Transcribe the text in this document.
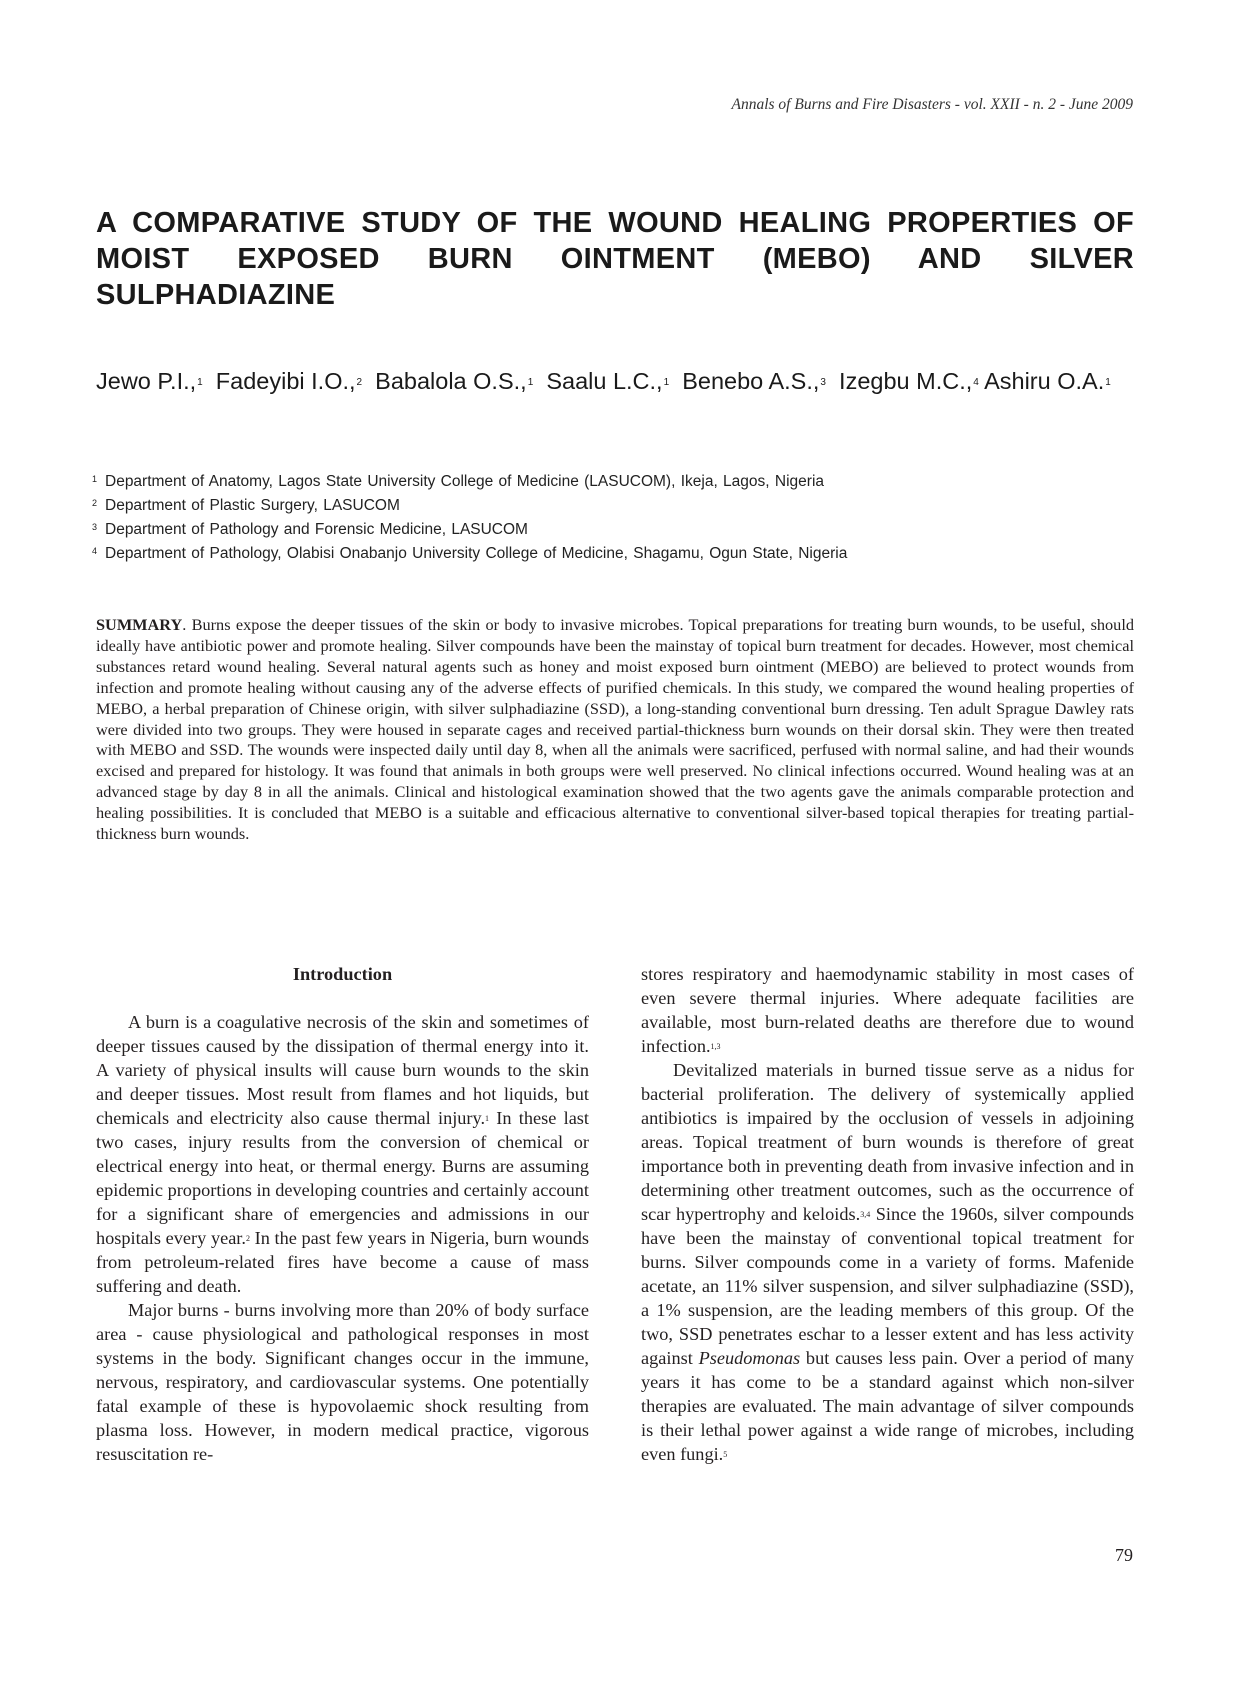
Annals of Burns and Fire Disasters - vol. XXII - n. 2 - June 2009
A COMPARATIVE STUDY OF THE WOUND HEALING PROPERTIES OF MOIST EXPOSED BURN OINTMENT (MEBO) AND SILVER SULPHADIAZINE

Jewo P.I.,$^1$ Fadeyibi I.O.,$^2$ Babalola O.S.,$^1$ Saalu L.C.,$^1$ Benebo A.S.,$^3$ Izegbu M.C.,$^4$ Ashiru O.A.$^1$

1 Department of Anatomy, Lagos State University College of Medicine (LASUCOM), Ikeja, Lagos, Nigeria
2 Department of Plastic Surgery, LASUCOM
3 Department of Pathology and Forensic Medicine, LASUCOM
4 Department of Pathology, Olabisi Onabanjo University College of Medicine, Shagamu, Ogun State, Nigeria

SUMMARY. Burns expose the deeper tissues of the skin or body to invasive microbes. Topical preparations for treating burn wounds, to be useful, should ideally have antibiotic power and promote healing. Silver compounds have been the mainstay of topical burn treatment for decades. However, most chemical substances retard wound healing. Several natural agents such as honey and moist exposed burn ointment (MEBO) are believed to protect wounds from infection and promote healing without causing any of the adverse effects of purified chemicals. In this study, we compared the wound healing properties of MEBO, a herbal preparation of Chinese origin, with silver sulphadiazine (SSD), a long-standing conventional burn dressing. Ten adult Sprague Dawley rats were divided into two groups. They were housed in separate cages and received partial-thickness burn wounds on their dorsal skin. They were then treated with MEBO and SSD. The wounds were inspected daily until day 8, when all the animals were sacrificed, perfused with normal saline, and had their wounds excised and prepared for histology. It was found that animals in both groups were well preserved. No clinical infections occurred. Wound healing was at an advanced stage by day 8 in all the animals. Clinical and histological examination showed that the two agents gave the animals comparable protection and healing possibilities. It is concluded that MEBO is a suitable and efficacious alternative to conventional silver-based topical therapies for treating partial-thickness burn wounds.

Introduction

A burn is a coagulative necrosis of the skin and sometimes of deeper tissues caused by the dissipation of thermal energy into it. A variety of physical insults will cause burn wounds to the skin and deeper tissues. Most result from flames and hot liquids, but chemicals and electricity also cause thermal injury.$^1$ In these last two cases, injury results from the conversion of chemical or electrical energy into heat, or thermal energy. Burns are assuming epidemic proportions in developing countries and certainly account for a significant share of emergencies and admissions in our hospitals every year.$^2$ In the past few years in Nigeria, burn wounds from petroleum-related fires have become a cause of mass suffering and death.

Major burns - burns involving more than 20% of body surface area - cause physiological and pathological responses in most systems in the body. Significant changes occur in the immune, nervous, respiratory, and cardiovascular systems. One potentially fatal example of these is hypovolaemic shock resulting from plasma loss. However, in modern medical practice, vigorous resuscitation re-

stores respiratory and haemodynamic stability in most cases of even severe thermal injuries. Where adequate facilities are available, most burn-related deaths are therefore due to wound infection.$^{1,3}$

Devitalized materials in burned tissue serve as a nidus for bacterial proliferation. The delivery of systemically applied antibiotics is impaired by the occlusion of vessels in adjoining areas. Topical treatment of burn wounds is therefore of great importance both in preventing death from invasive infection and in determining other treatment outcomes, such as the occurrence of scar hypertrophy and keloids.$^{3,4}$ Since the 1960s, silver compounds have been the mainstay of conventional topical treatment for burns. Silver compounds come in a variety of forms. Mafenide acetate, an 11% silver suspension, and silver sulphadiazine (SSD), a 1% suspension, are the leading members of this group. Of the two, SSD penetrates eschar to a lesser extent and has less activity against Pseudomonas but causes less pain. Over a period of many years it has come to be a standard against which non-silver therapies are evaluated. The main advantage of silver compounds is their lethal power against a wide range of microbes, including even fungi.$^5$

79
